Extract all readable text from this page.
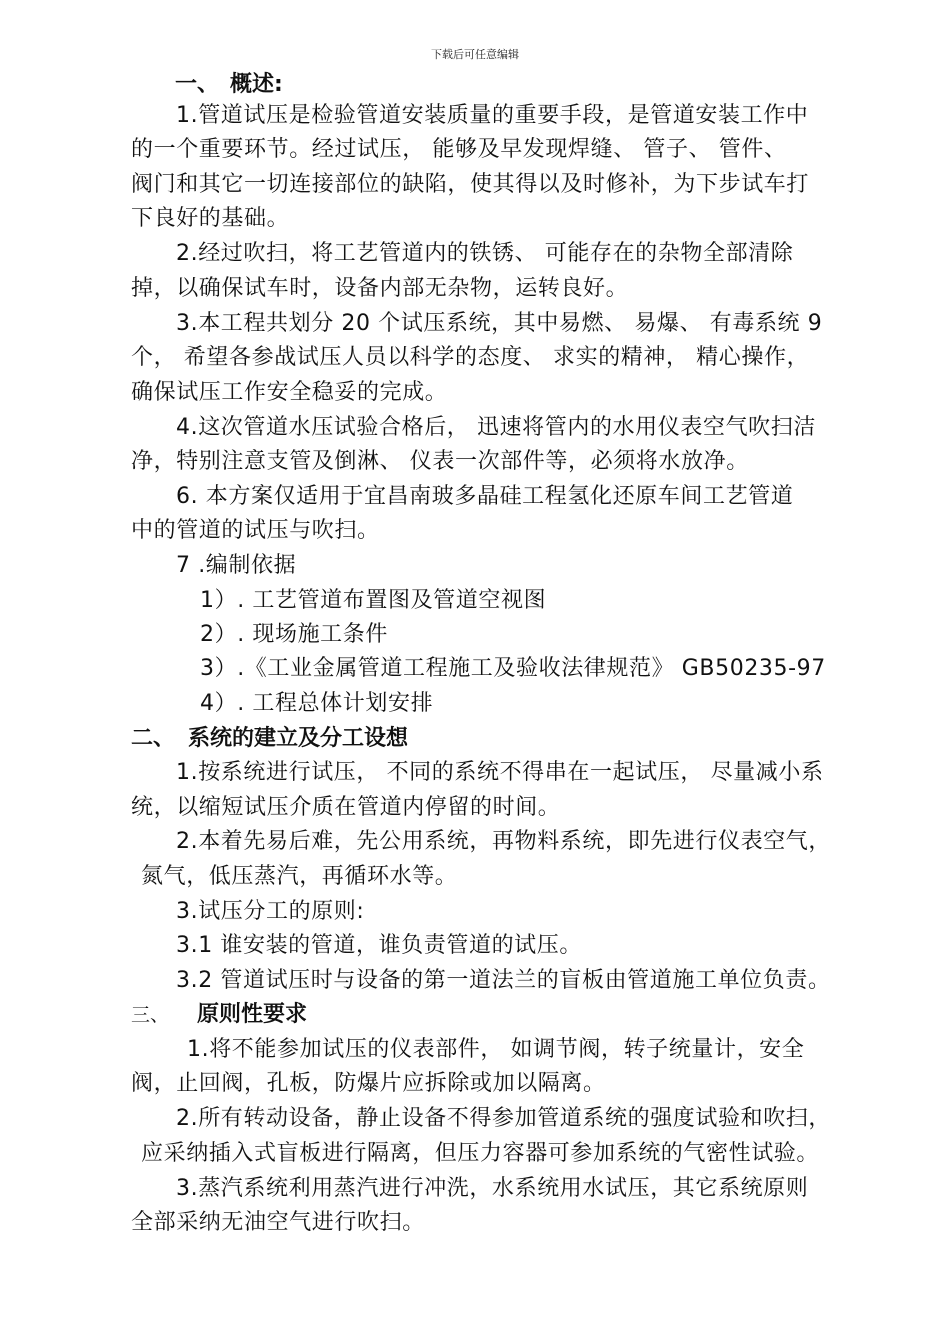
下载后可任意编辑
一、 概述:
1.管道试压是检验管道安装质量的重要手段，是管道安装工作中
的一个重要环节。经过试压， 能够及早发现焊缝、 管子、 管件、
阀门和其它一切连接部位的缺陷，使其得以及时修补，为下步试车打
下良好的基础。
2.经过吹扫，将工艺管道内的铁锈、 可能存在的杂物全部清除
掉，以确保试车时，设备内部无杂物，运转良好。
3.本工程共划分 20 个试压系统，其中易燃、 易爆、 有毒系统 9
个， 希望各参战试压人员以科学的态度、 求实的精神， 精心操作，
确保试压工作安全稳妥的完成。
4.这次管道水压试验合格后， 迅速将管内的水用仪表空气吹扫洁
净，特别注意支管及倒淋、 仪表一次部件等，必须将水放净。
6. 本方案仅适用于宜昌南玻多晶硅工程氢化还原车间工艺管道
中的管道的试压与吹扫。
7 .编制依据
1）. 工艺管道布置图及管道空视图
2）. 现场施工条件
3）.《工业金属管道工程施工及验收法律规范》 GB50235-97
4）. 工程总体计划安排
二、 系统的建立及分工设想
1.按系统进行试压， 不同的系统不得串在一起试压， 尽量减小系
统，以缩短试压介质在管道内停留的时间。
2.本着先易后难，先公用系统，再物料系统，即先进行仪表空气，
氮气，低压蒸汽，再循环水等。
3.试压分工的原则:
3.1 谁安装的管道，谁负责管道的试压。
3.2 管道试压时与设备的第一道法兰的盲板由管道施工单位负责。
三、 原则性要求
1.将不能参加试压的仪表部件， 如调节阀，转子统量计，安全
阀，止回阀，孔板，防爆片应拆除或加以隔离。
2.所有转动设备，静止设备不得参加管道系统的强度试验和吹扫，
应采纳插入式盲板进行隔离，但压力容器可参加系统的气密性试验。
3.蒸汽系统利用蒸汽进行冲洗，水系统用水试压，其它系统原则
全部采纳无油空气进行吹扫。
